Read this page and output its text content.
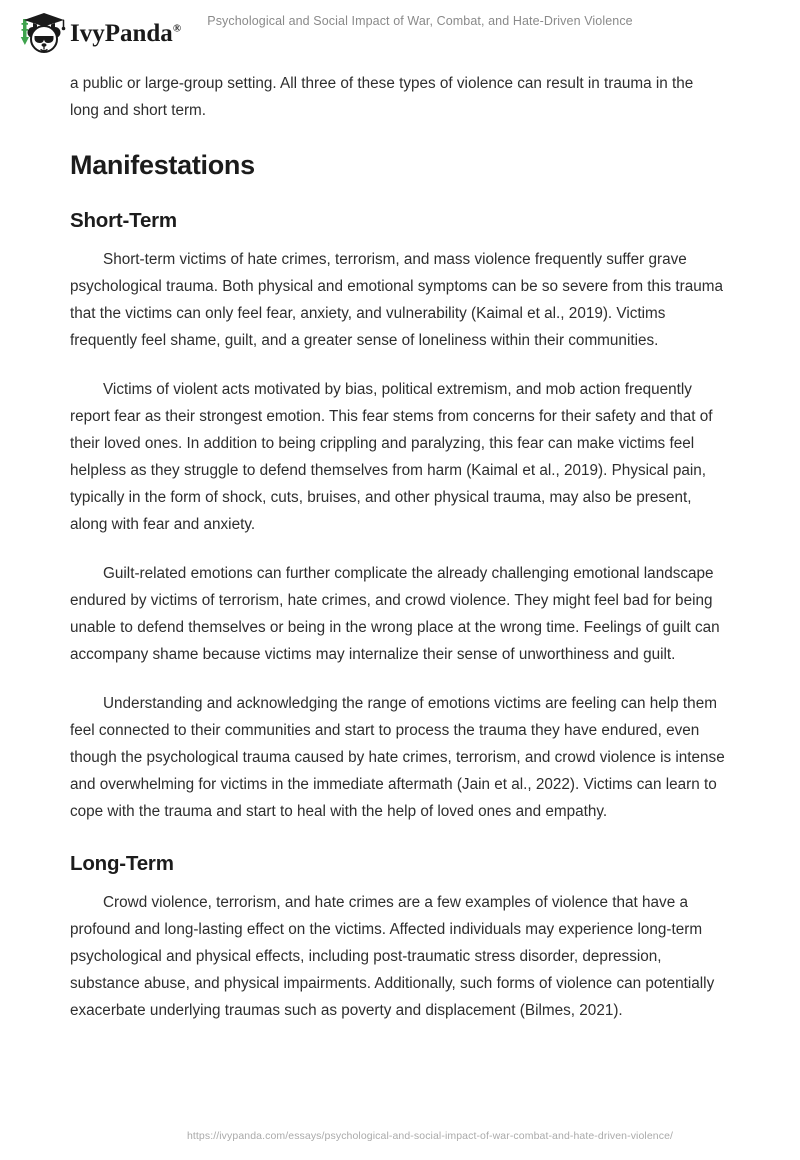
IvyPanda®
Psychological and Social Impact of War, Combat, and Hate-Driven Violence

a public or large-group setting. All three of these types of violence can result in trauma in the long and short term.

Manifestations
Short-Term

Short-term victims of hate crimes, terrorism, and mass violence frequently suffer grave psychological trauma. Both physical and emotional symptoms can be so severe from this trauma that the victims can only feel fear, anxiety, and vulnerability (Kaimal et al., 2019). Victims frequently feel shame, guilt, and a greater sense of loneliness within their communities.

Victims of violent acts motivated by bias, political extremism, and mob action frequently report fear as their strongest emotion. This fear stems from concerns for their safety and that of their loved ones. In addition to being crippling and paralyzing, this fear can make victims feel helpless as they struggle to defend themselves from harm (Kaimal et al., 2019). Physical pain, typically in the form of shock, cuts, bruises, and other physical trauma, may also be present, along with fear and anxiety.

Guilt-related emotions can further complicate the already challenging emotional landscape endured by victims of terrorism, hate crimes, and crowd violence. They might feel bad for being unable to defend themselves or being in the wrong place at the wrong time. Feelings of guilt can accompany shame because victims may internalize their sense of unworthiness and guilt.

Understanding and acknowledging the range of emotions victims are feeling can help them feel connected to their communities and start to process the trauma they have endured, even though the psychological trauma caused by hate crimes, terrorism, and crowd violence is intense and overwhelming for victims in the immediate aftermath (Jain et al., 2022). Victims can learn to cope with the trauma and start to heal with the help of loved ones and empathy.

Long-Term

Crowd violence, terrorism, and hate crimes are a few examples of violence that have a profound and long-lasting effect on the victims. Affected individuals may experience long-term psychological and physical effects, including post-traumatic stress disorder, depression, substance abuse, and physical impairments. Additionally, such forms of violence can potentially exacerbate underlying traumas such as poverty and displacement (Bilmes, 2021).

https://ivypanda.com/essays/psychological-and-social-impact-of-war-combat-and-hate-driven-violence/
